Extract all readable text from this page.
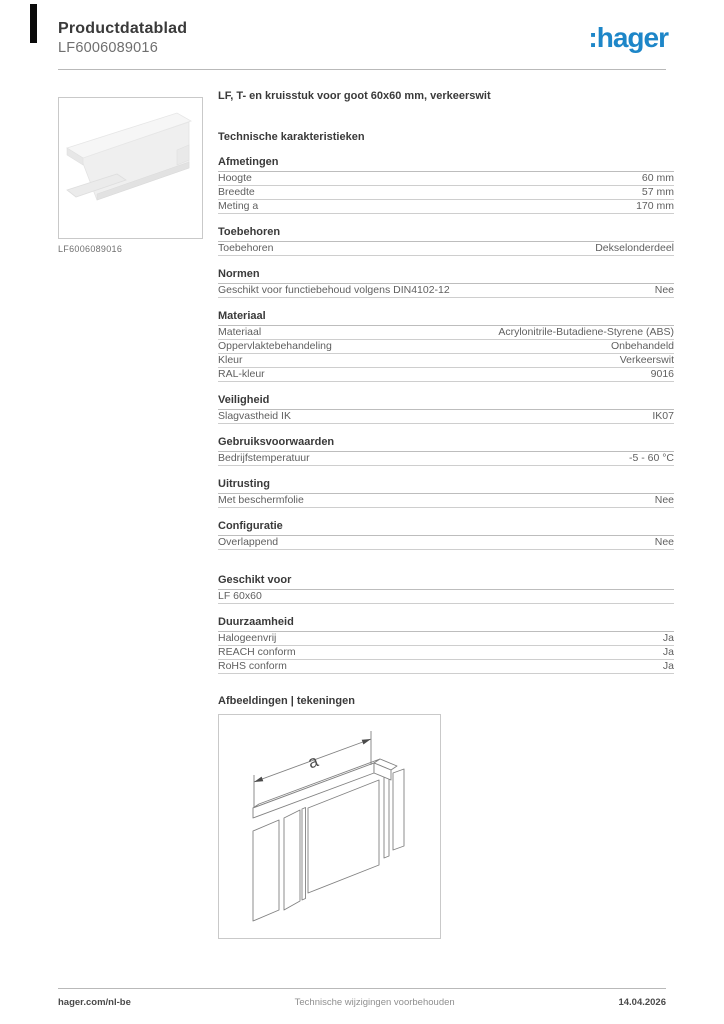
Productdatablad
LF6006089016	:hager
LF6006089016
LF, T- en kruisstuk voor goot 60x60 mm, verkeerswit
Technische karakteristieken
Afmetingen
Hoogte	60 mm
Breedte	57 mm
Meting a	170 mm
Toebehoren
Toebehoren	Dekselonderdeel
Normen
Geschikt voor functiebehoud volgens DIN4102-12	Nee
Materiaal
Materiaal	Acrylonitrile-Butadiene-Styrene (ABS)
Oppervlaktebehandeling	Onbehandeld
Kleur	Verkeerswit
RAL-kleur	9016
Veiligheid
Slagvastheid IK	IK07
Gebruiksvoorwaarden
Bedrijfstemperatuur	-5 - 60 °C
Uitrusting
Met beschermfolie	Nee
Configuratie
Overlappend	Nee
Geschikt voor
LF 60x60
Duurzaamheid
Halogeenvrij	Ja
REACH conform	Ja
RoHS conform	Ja
Afbeeldingen | tekeningen
a
hager.com/nl-be	Technische wijzigingen voorbehouden	14.04.2026
